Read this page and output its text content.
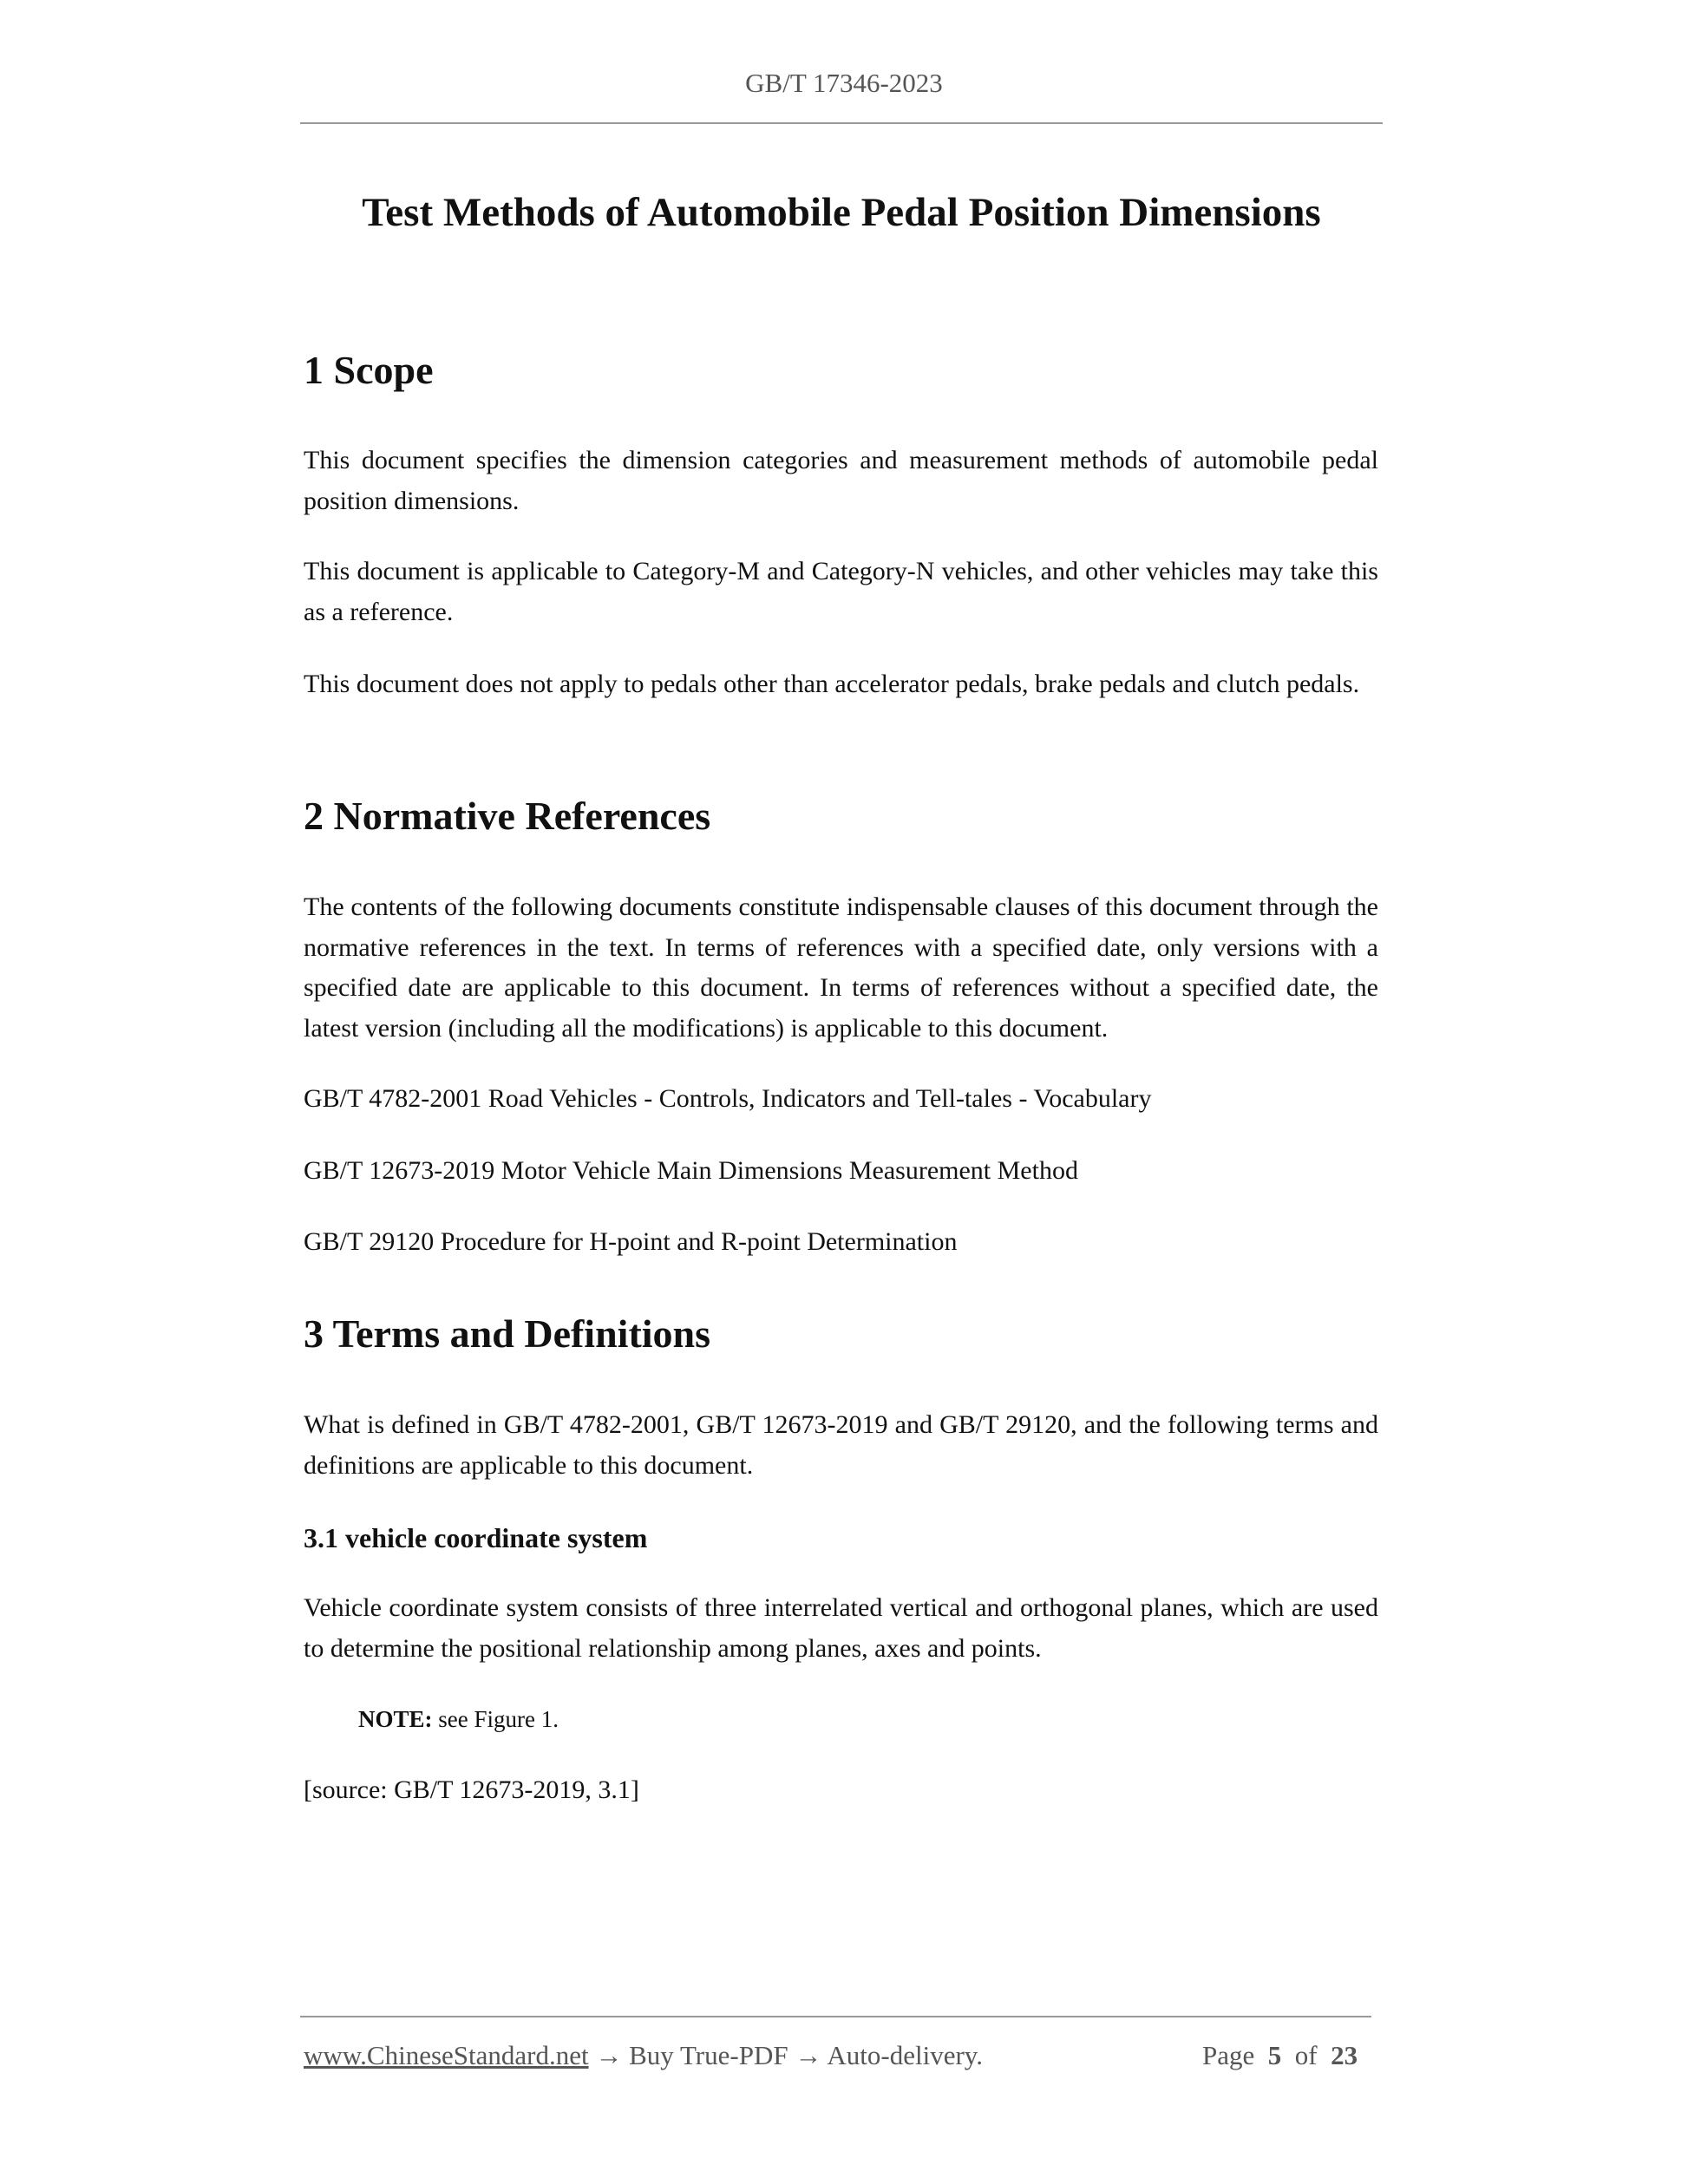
GB/T 17346-2023
Test Methods of Automobile Pedal Position Dimensions
1 Scope

This document specifies the dimension categories and measurement methods of automobile pedal position dimensions.

This document is applicable to Category-M and Category-N vehicles, and other vehicles may take this as a reference.

This document does not apply to pedals other than accelerator pedals, brake pedals and clutch pedals.

2 Normative References

The contents of the following documents constitute indispensable clauses of this document through the normative references in the text. In terms of references with a specified date, only versions with a specified date are applicable to this document. In terms of references without a specified date, the latest version (including all the modifications) is applicable to this document.

GB/T 4782-2001 Road Vehicles - Controls, Indicators and Tell-tales - Vocabulary

GB/T 12673-2019 Motor Vehicle Main Dimensions Measurement Method

GB/T 29120 Procedure for H-point and R-point Determination

3 Terms and Definitions

What is defined in GB/T 4782-2001, GB/T 12673-2019 and GB/T 29120, and the following terms and definitions are applicable to this document.

3.1 vehicle coordinate system

Vehicle coordinate system consists of three interrelated vertical and orthogonal planes, which are used to determine the positional relationship among planes, axes and points.

NOTE: see Figure 1.

[source: GB/T 12673-2019, 3.1]

www.ChineseStandard.net → Buy True-PDF → Auto-delivery.	Page 5 of 23
